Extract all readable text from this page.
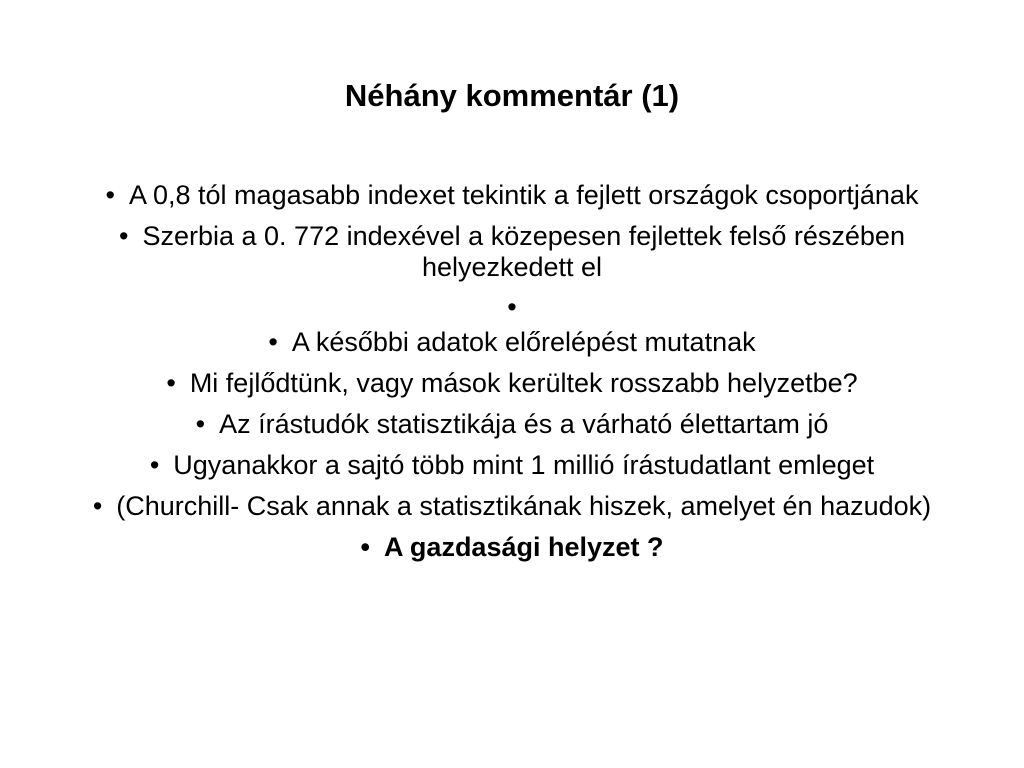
Néhány kommentár (1)
• A 0,8 tól magasabb indexet tekintik a fejlett országok csoportjának
• Szerbia a 0. 772 indexével a közepesen fejlettek felső részében helyezkedett el
•
• A későbbi adatok előrelépést mutatnak
• Mi fejlődtünk, vagy mások kerültek rosszabb helyzetbe?
• Az írástudók statisztikája és a várható élettartam jó
• Ugyanakkor a sajtó több mint 1 millió írástudatlant emleget
• (Churchill- Csak annak a statisztikának hiszek, amelyet én hazudok)
• A gazdasági helyzet ?
